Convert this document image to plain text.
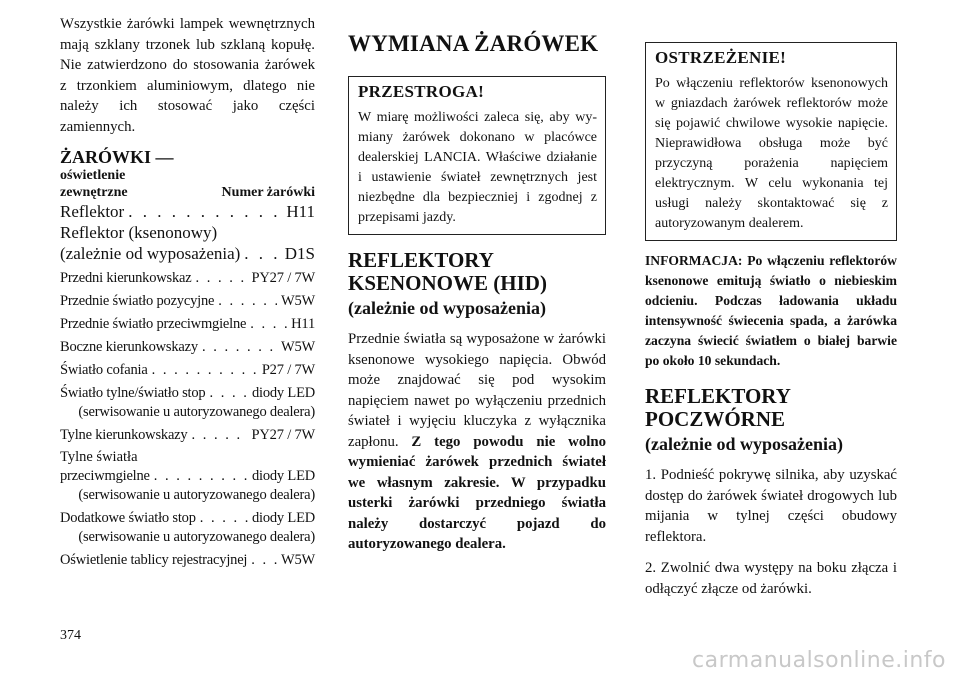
Wszystkie żarówki lampek wewnętrznych mają szklany trzonek lub szklaną kopułę. Nie zatwierdzono do stosowania żarówek z trzonkiem aluminiowym, dlatego nie należy ich stosować jako części zamiennych.

ŻARÓWKI —
oświetlenie zewnętrzne	Numer żarówki
Reflektor . . .	H11
Reflektor (ksenonowy)
(zależnie od wyposażenia) . . .	D1S
Przedni kierunkowskaz . . .	PY27 / 7W
Przednie światło pozycyjne . . .	W5W
Przednie światło przeciwmgielne . . .	H11
Boczne kierunkowskazy . . .	W5W
Światło cofania . . .	P27 / 7W
Światło tylne/światło stop . . .	diody LED
(serwisowanie u autoryzowanego dealera)
Tylne kierunkowskazy . . .	PY27 / 7W
Tylne światła
przeciwmgielne . . .	diody LED
(serwisowanie u autoryzowanego dealera)
Dodatkowe światło stop . . .	diody LED
(serwisowanie u autoryzowanego dealera)
Oświetlenie tablicy rejestracyjnej . . . W5W
WYMIANA ŻARÓWEK
PRZESTROGA!

W miarę możliwości zaleca się, aby wymiany żarówek dokonano w placówce dealerskiej LANCIA. Właściwe działanie i ustawienie świateł zewnętrznych jest niezbędne dla bezpieczniej i zgodnej z przepisami jazdy.

REFLEKTORY KSENONOWE (HID)
(zależnie od wyposażenia)

Przednie światła są wyposażone w żarówki ksenonowe wysokiego napięcia. Obwód może znajdować się pod wysokim napięciem nawet po wyłączeniu przednich świateł i wyjęciu kluczyka z wyłącznika zapłonu. Z tego powodu nie wolno wymieniać żarówek przednich świateł we własnym zakresie. W przypadku usterki żarówki przedniego światła należy dostarczyć pojazd do autoryzowanego dealera.

OSTRZEŻENIE!

Po włączeniu reflektorów ksenonowych w gniazdach żarówek reflektorów może się pojawić chwilowe wysokie napięcie. Nieprawidłowa obsługa może być przyczyną porażenia napięciem elektrycznym. W celu wykonania tej usługi należy skontaktować się z autoryzowanym dealerem.

INFORMACJA: Po włączeniu reflektorów ksenonowe emitują światło o niebieskim odcieniu. Podczas ładowania układu intensywność świecenia spada, a żarówka zaczyna świecić światłem o białej barwie po około 10 sekundach.

REFLEKTORY POCZWÓRNE
(zależnie od wyposażenia)

1. Podnieść pokrywę silnika, aby uzyskać dostęp do żarówek świateł drogowych lub mijania w tylnej części obudowy reflektora.

2. Zwolnić dwa występy na boku złącza i odłączyć złącze od żarówki.

374
carmanualsonline.info
